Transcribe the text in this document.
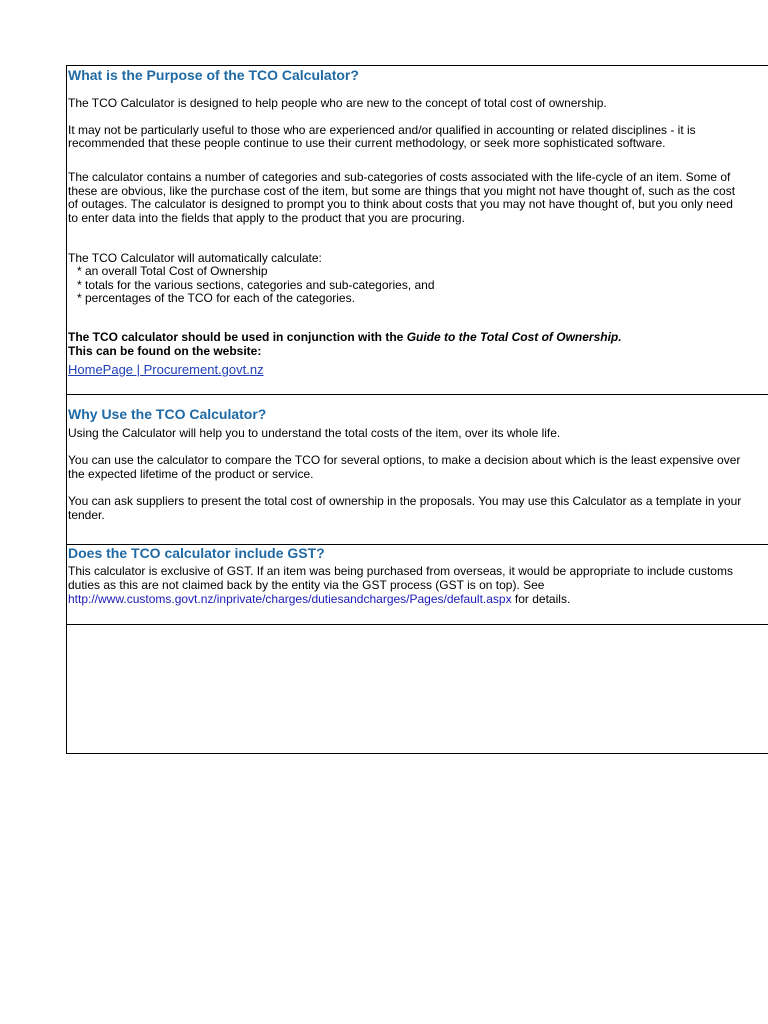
What is the Purpose of the TCO Calculator?
The TCO Calculator is designed to help people who are new to the concept of total cost of ownership.
It may not be particularly useful to those who are experienced and/or qualified in accounting or related disciplines - it is
recommended that these people continue to use their current methodology, or seek more sophisticated software.
The calculator contains a number of categories and sub-categories of costs associated with the life-cycle of an item. Some of
these are obvious, like the purchase cost of the item, but some are things that you might not have thought of, such as the cost
of outages. The calculator is designed to prompt you to think about costs that you may not have thought of, but you only need
to enter data into the fields that apply to the product that you are procuring.
The TCO Calculator will automatically calculate:
* an overall Total Cost of Ownership
* totals for the various sections, categories and sub-categories, and
* percentages of the TCO for each of the categories.
The TCO calculator should be used in conjunction with the Guide to the Total Cost of Ownership.
This can be found on the website:
HomePage | Procurement.govt.nz
Why Use the TCO Calculator?
Using the Calculator will help you to understand the total costs of the item, over its whole life.
You can use the calculator to compare the TCO for several options, to make a decision about which is the least expensive over
the expected lifetime of the product or service.
You can ask suppliers to present the total cost of ownership in the proposals. You may use this Calculator as a template in your
tender.
Does the TCO calculator include GST?
This calculator is exclusive of GST. If an item was being purchased from overseas, it would be appropriate to include customs
duties as this are not claimed back by the entity via the GST process (GST is on top). See
http://www.customs.govt.nz/inprivate/charges/dutiesandcharges/Pages/default.aspx for details.
